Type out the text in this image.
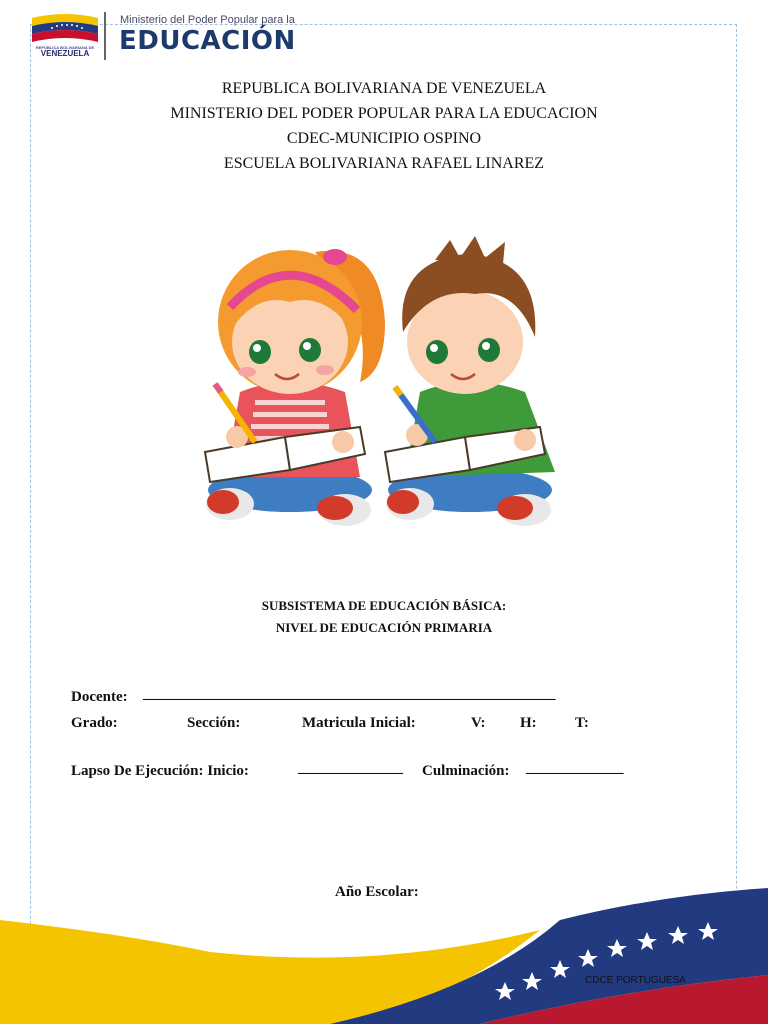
REPÚBLICA BOLIVARIANA DE
VENEZUELA
Ministerio del Poder Popular para la
EDUCACIÓN
REPUBLICA BOLIVARIANA DE VENEZUELA
MINISTERIO DEL PODER POPULAR PARA LA EDUCACION
CDEC-MUNICIPIO OSPINO
ESCUELA BOLIVARIANA RAFAEL LINAREZ
SUBSISTEMA DE EDUCACIÓN BÁSICA:
NIVEL DE EDUCACIÓN PRIMARIA
Docente: _______________________________________________________
Grado:	Sección:	Matricula Inicial:	V: H:	T:
Lapso De Ejecución: Inicio:	______________ Culminación: _____________
Año Escolar:
CDCE PORTUGUESA
